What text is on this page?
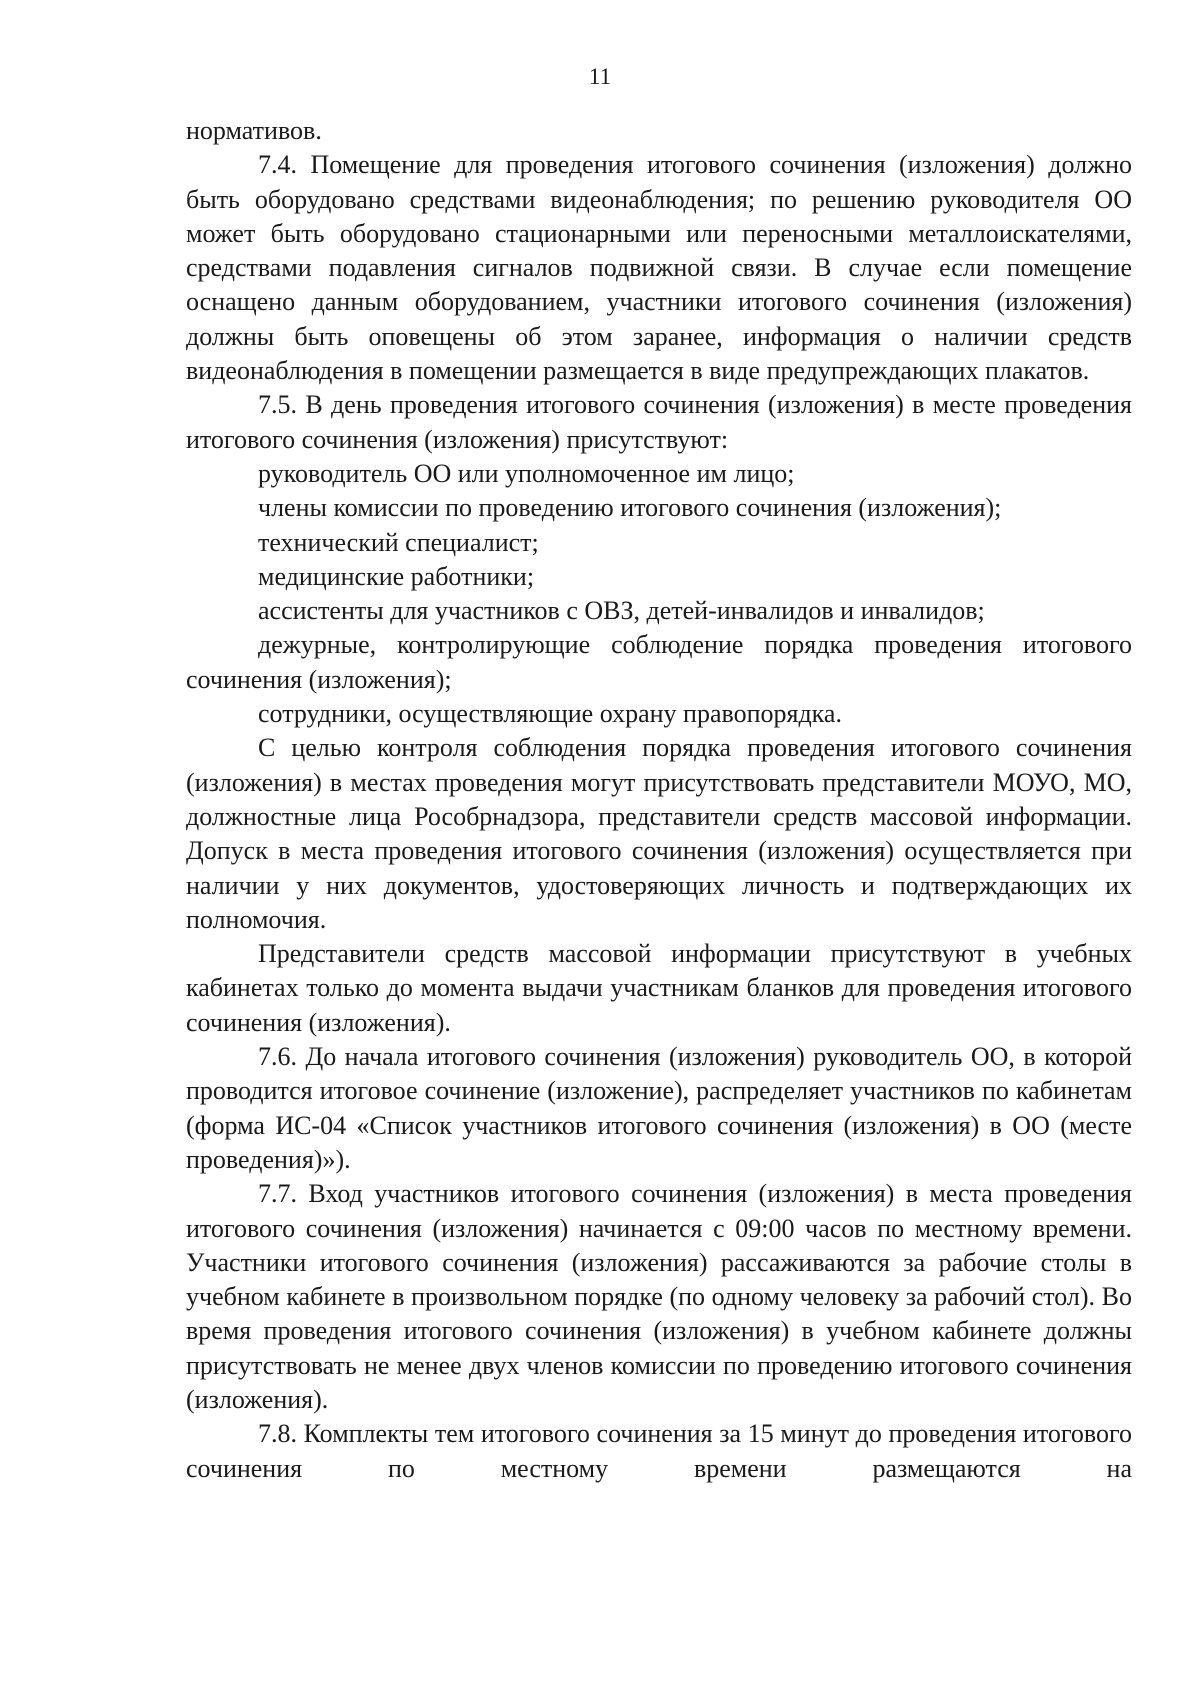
11

нормативов.

7.4. Помещение для проведения итогового сочинения (изложения) должно быть оборудовано средствами видеонаблюдения; по решению руководителя ОО может быть оборудовано стационарными или переносными металлоискателями, средствами подавления сигналов подвижной связи. В случае если помещение оснащено данным оборудованием, участники итогового сочинения (изложения) должны быть оповещены об этом заранее, информация о наличии средств видеонаблюдения в помещении размещается в виде предупреждающих плакатов.

7.5. В день проведения итогового сочинения (изложения) в месте проведения итогового сочинения (изложения) присутствуют:

руководитель ОО или уполномоченное им лицо;

члены комиссии по проведению итогового сочинения (изложения);

технический специалист;

медицинские работники;

ассистенты для участников с ОВЗ, детей-инвалидов и инвалидов;

дежурные, контролирующие соблюдение порядка проведения итогового сочинения (изложения);

сотрудники, осуществляющие охрану правопорядка.

С целью контроля соблюдения порядка проведения итогового сочинения (изложения) в местах проведения могут присутствовать представители МОУО, МО, должностные лица Рособрнадзора, представители средств массовой информации. Допуск в места проведения итогового сочинения (изложения) осуществляется при наличии у них документов, удостоверяющих личность и подтверждающих их полномочия.

Представители средств массовой информации присутствуют в учебных кабинетах только до момента выдачи участникам бланков для проведения итогового сочинения (изложения).

7.6. До начала итогового сочинения (изложения) руководитель ОО, в которой проводится итоговое сочинение (изложение), распределяет участников по кабинетам (форма ИС-04 «Список участников итогового сочинения (изложения) в ОО (месте проведения)»).

7.7. Вход участников итогового сочинения (изложения) в места проведения итогового сочинения (изложения) начинается с 09:00 часов по местному времени. Участники итогового сочинения (изложения) рассаживаются за рабочие столы в учебном кабинете в произвольном порядке (по одному человеку за рабочий стол). Во время проведения итогового сочинения (изложения) в учебном кабинете должны присутствовать не менее двух членов комиссии по проведению итогового сочинения (изложения).

7.8. Комплекты тем итогового сочинения за 15 минут до проведения итогового сочинения по местному времени размещаются на
